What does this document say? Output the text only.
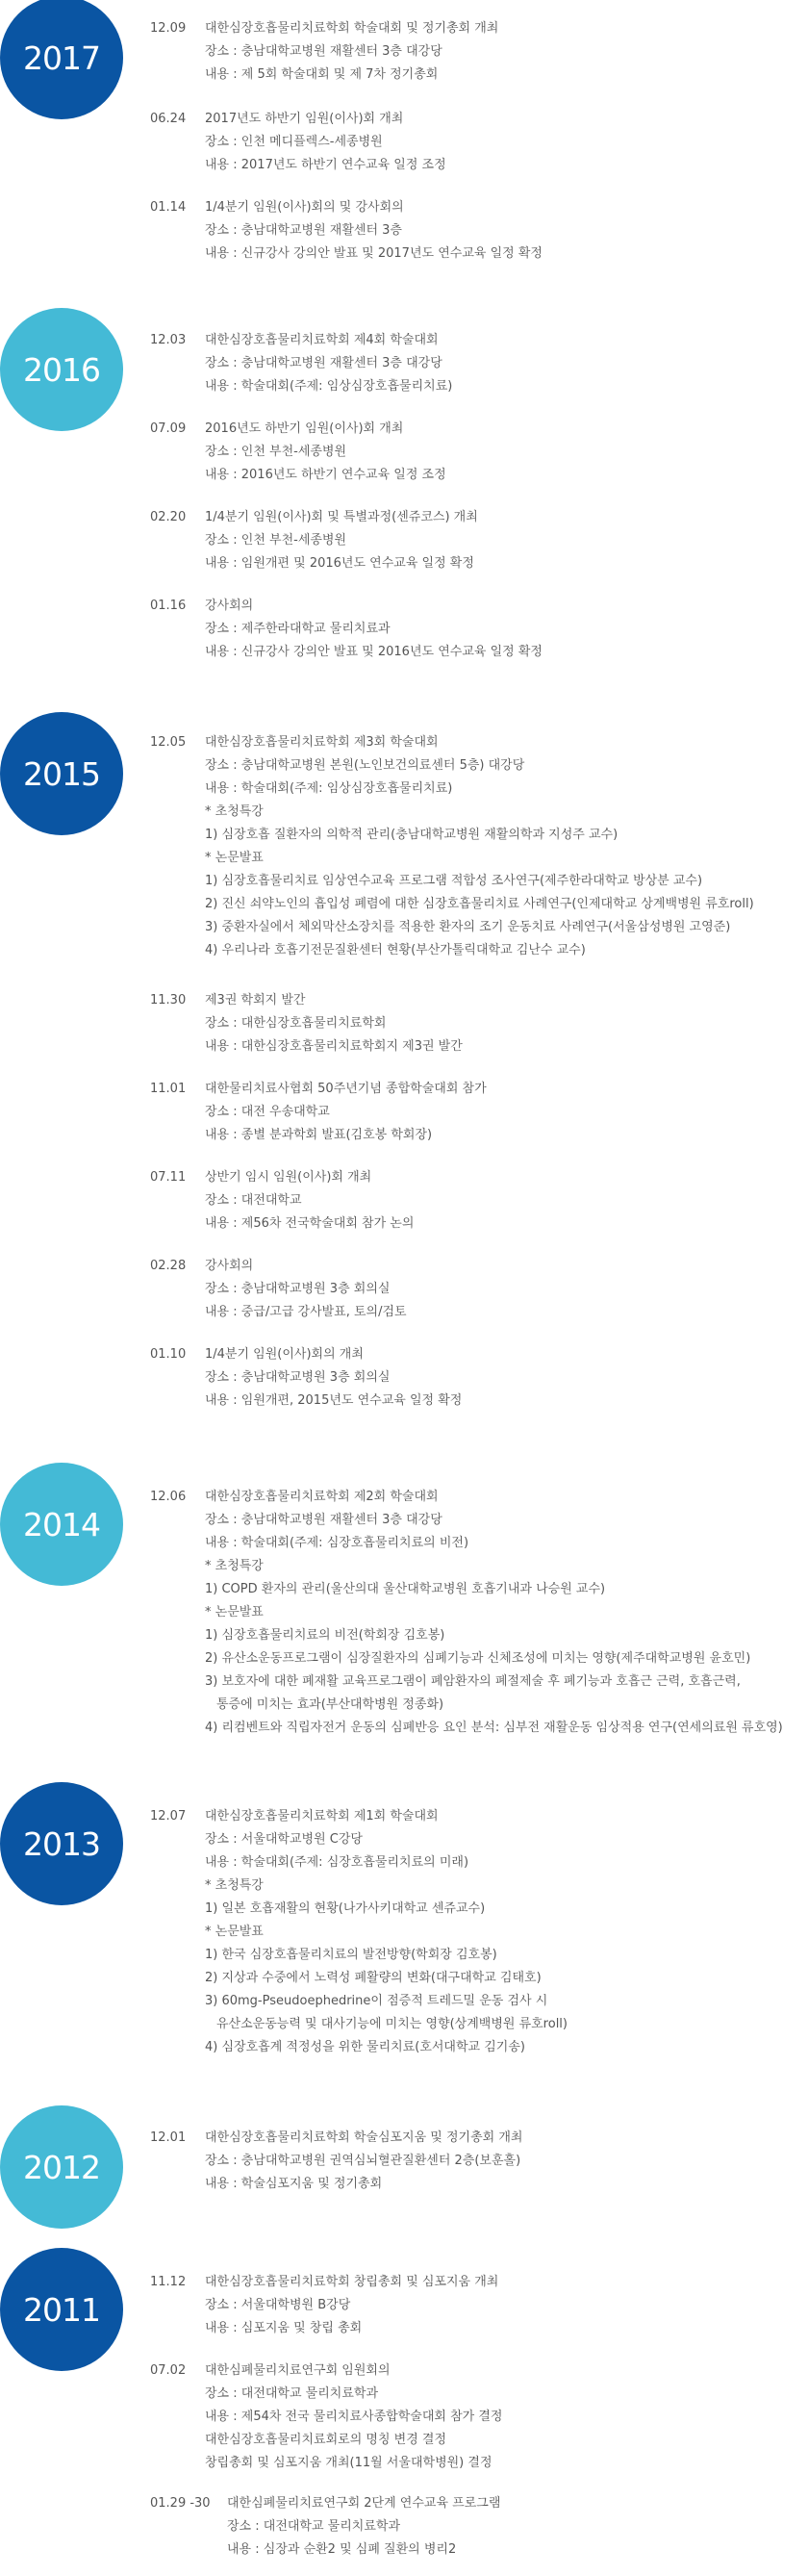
2017
12.09 대한심장호흡물리치료학회 학술대회 및 정기총회 개최
장소 : 충남대학교병원 재활센터 3층 대강당
내용 : 제 5회 학술대회 및 제 7차 정기총회
06.24 2017년도 하반기 임원(이사)회 개최
장소 : 인천 메디플렉스-세종병원
내용 : 2017년도 하반기 연수교육 일정 조정
01.14 1/4분기 임원(이사)회의 및 강사회의
장소 : 충남대학교병원 재활센터 3층
내용 : 신규강사 강의안 발표 및 2017년도 연수교육 일정 확정
2016
12.03 대한심장호흡물리치료학회 제4회 학술대회
장소 : 충남대학교병원 재활센터 3층 대강당
내용 : 학술대회(주제: 임상심장호흡물리치료)
07.09 2016년도 하반기 임원(이사)회 개최
장소 : 인천 부천-세종병원
내용 : 2016년도 하반기 연수교육 일정 조정
02.20 1/4분기 임원(이사)회 및 특별과정(센쥬코스) 개최
장소 : 인천 부천-세종병원
내용 : 임원개편 및 2016년도 연수교육 일정 확정
01.16 강사회의
장소 : 제주한라대학교 물리치료과
내용 : 신규강사 강의안 발표 및 2016년도 연수교육 일정 확정
2015
12.05 대한심장호흡물리치료학회 제3회 학술대회
장소 : 충남대학교병원 본원(노인보건의료센터 5층) 대강당
내용 : 학술대회(주제: 임상심장호흡물리치료)
* 초청특강
1) 심장호흡 질환자의 의학적 관리(충남대학교병원 재활의학과 지성주 교수)
* 논문발표
1) 심장호흡물리치료 임상연수교육 프로그램 적합성 조사연구(제주한라대학교 방상분 교수)
2) 진신 쇠약노인의 흡입성 폐렴에 대한 심장호흡물리치료 사례연구(인제대학교 상계백병원 류호roll)
3) 중환자실에서 체외막산소장치를 적용한 환자의 조기 운동치료 사례연구(서울삼성병원 고영준)
4) 우리나라 호흡기전문질환센터 현황(부산가톨릭대학교 김난수 교수)
11.30 제3권 학회지 발간
장소 : 대한심장호흡물리치료학회
내용 : 대한심장호흡물리치료학회지 제3권 발간
11.01 대한물리치료사협회 50주년기념 종합학술대회 참가
장소 : 대전 우송대학교
내용 : 종별 분과학회 발표(김호봉 학회장)
07.11 상반기 임시 임원(이사)회 개최
장소 : 대전대학교
내용 : 제56차 전국학술대회 참가 논의
02.28 강사회의
장소 : 충남대학교병원 3층 회의실
내용 : 중급/고급 강사발표, 토의/검토
01.10 1/4분기 임원(이사)회의 개최
장소 : 충남대학교병원 3층 회의실
내용 : 임원개편, 2015년도 연수교육 일정 확정
2014
12.06 대한심장호흡물리치료학회 제2회 학술대회
장소 : 충남대학교병원 재활센터 3층 대강당
내용 : 학술대회(주제: 심장호흡물리치료의 비전)
* 초청특강
1) COPD 환자의 관리(울산의대 울산대학교병원 호흡기내과 나승원 교수)
* 논문발표
1) 심장호흡물리치료의 비전(학회장 김호봉)
2) 유산소운동프로그램이 심장질환자의 심폐기능과 신체조성에 미치는 영향(제주대학교병원 윤호민)
3) 보호자에 대한 폐재활 교육프로그램이 폐암환자의 폐절제술 후 폐기능과 호흡근 근력, 호흡근력,
통증에 미치는 효과(부산대학병원 정종화)
4) 리컴벤트와 직립자전거 운동의 심폐반응 요인 분석: 심부전 재활운동 임상적용 연구(연세의료원 류호영)
2013
12.07 대한심장호흡물리치료학회 제1회 학술대회
장소 : 서울대학교병원 C강당
내용 : 학술대회(주제: 심장호흡물리치료의 미래)
* 초청특강
1) 일본 호흡재활의 현황(나가사키대학교 센쥬교수)
* 논문발표
1) 한국 심장호흡물리치료의 발전방향(학회장 김호봉)
2) 지상과 수중에서 노력성 폐활량의 변화(대구대학교 김태호)
3) 60mg-Pseudoephedrine이 점증적 트레드밀 운동 검사 시
유산소운동능력 및 대사기능에 미치는 영향(상계백병원 류호roll)
4) 심장호흡계 적정성을 위한 물리치료(호서대학교 김기송)
2012
12.01 대한심장호흡물리치료학회 학술심포지움 및 정기총회 개최
장소 : 충남대학교병원 권역심뇌혈관질환센터 2층(보훈홀)
내용 : 학술심포지움 및 정기총회
2011
11.12 대한심장호흡물리치료학회 창립총회 및 심포지움 개최
장소 : 서울대학병원 B강당
내용 : 심포지움 및 창립 총회
07.02 대한심폐물리치료연구회 임원회의
장소 : 대전대학교 물리치료학과
내용 : 제54차 전국 물리치료사종합학술대회 참가 결정
대한심장호흡물리치료회로의 명칭 변경 결정
창립총회 및 심포지움 개최(11월 서울대학병원) 결정
01.29 -30 대한심폐물리치료연구회 2단계 연수교육 프로그램
장소 : 대전대학교 물리치료학과
내용 : 심장과 순환2 및 심폐 질환의 병리2
